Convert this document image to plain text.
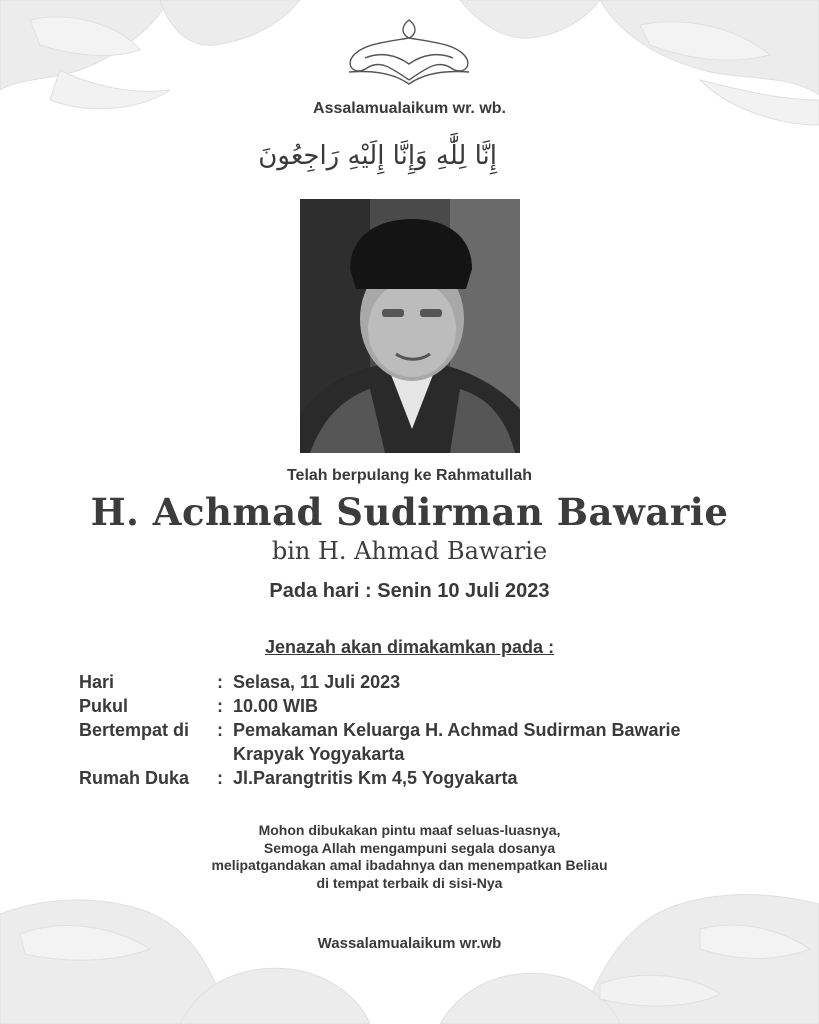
Assalamualaikum wr. wb.
إِنَّا لِلَّٰهِ وَإِنَّا إِلَيْهِ رَاجِعُونَ
Telah berpulang ke Rahmatullah
H. Achmad Sudirman Bawarie
bin H. Ahmad Bawarie
Pada hari : Senin 10 Juli 2023
Jenazah akan dimakamkan pada :
Hari	: Selasa, 11 Juli 2023
Pukul	: 10.00 WIB
Bertempat di : Pemakaman Keluarga H. Achmad Sudirman Bawarie
Krapyak Yogyakarta
Rumah Duka : Jl.Parangtritis Km 4,5 Yogyakarta
Mohon dibukakan pintu maaf seluas-luasnya,
Semoga Allah mengampuni segala dosanya
melipatgandakan amal ibadahnya dan menempatkan Beliau
di tempat terbaik di sisi-Nya
Wassalamualaikum wr.wb
